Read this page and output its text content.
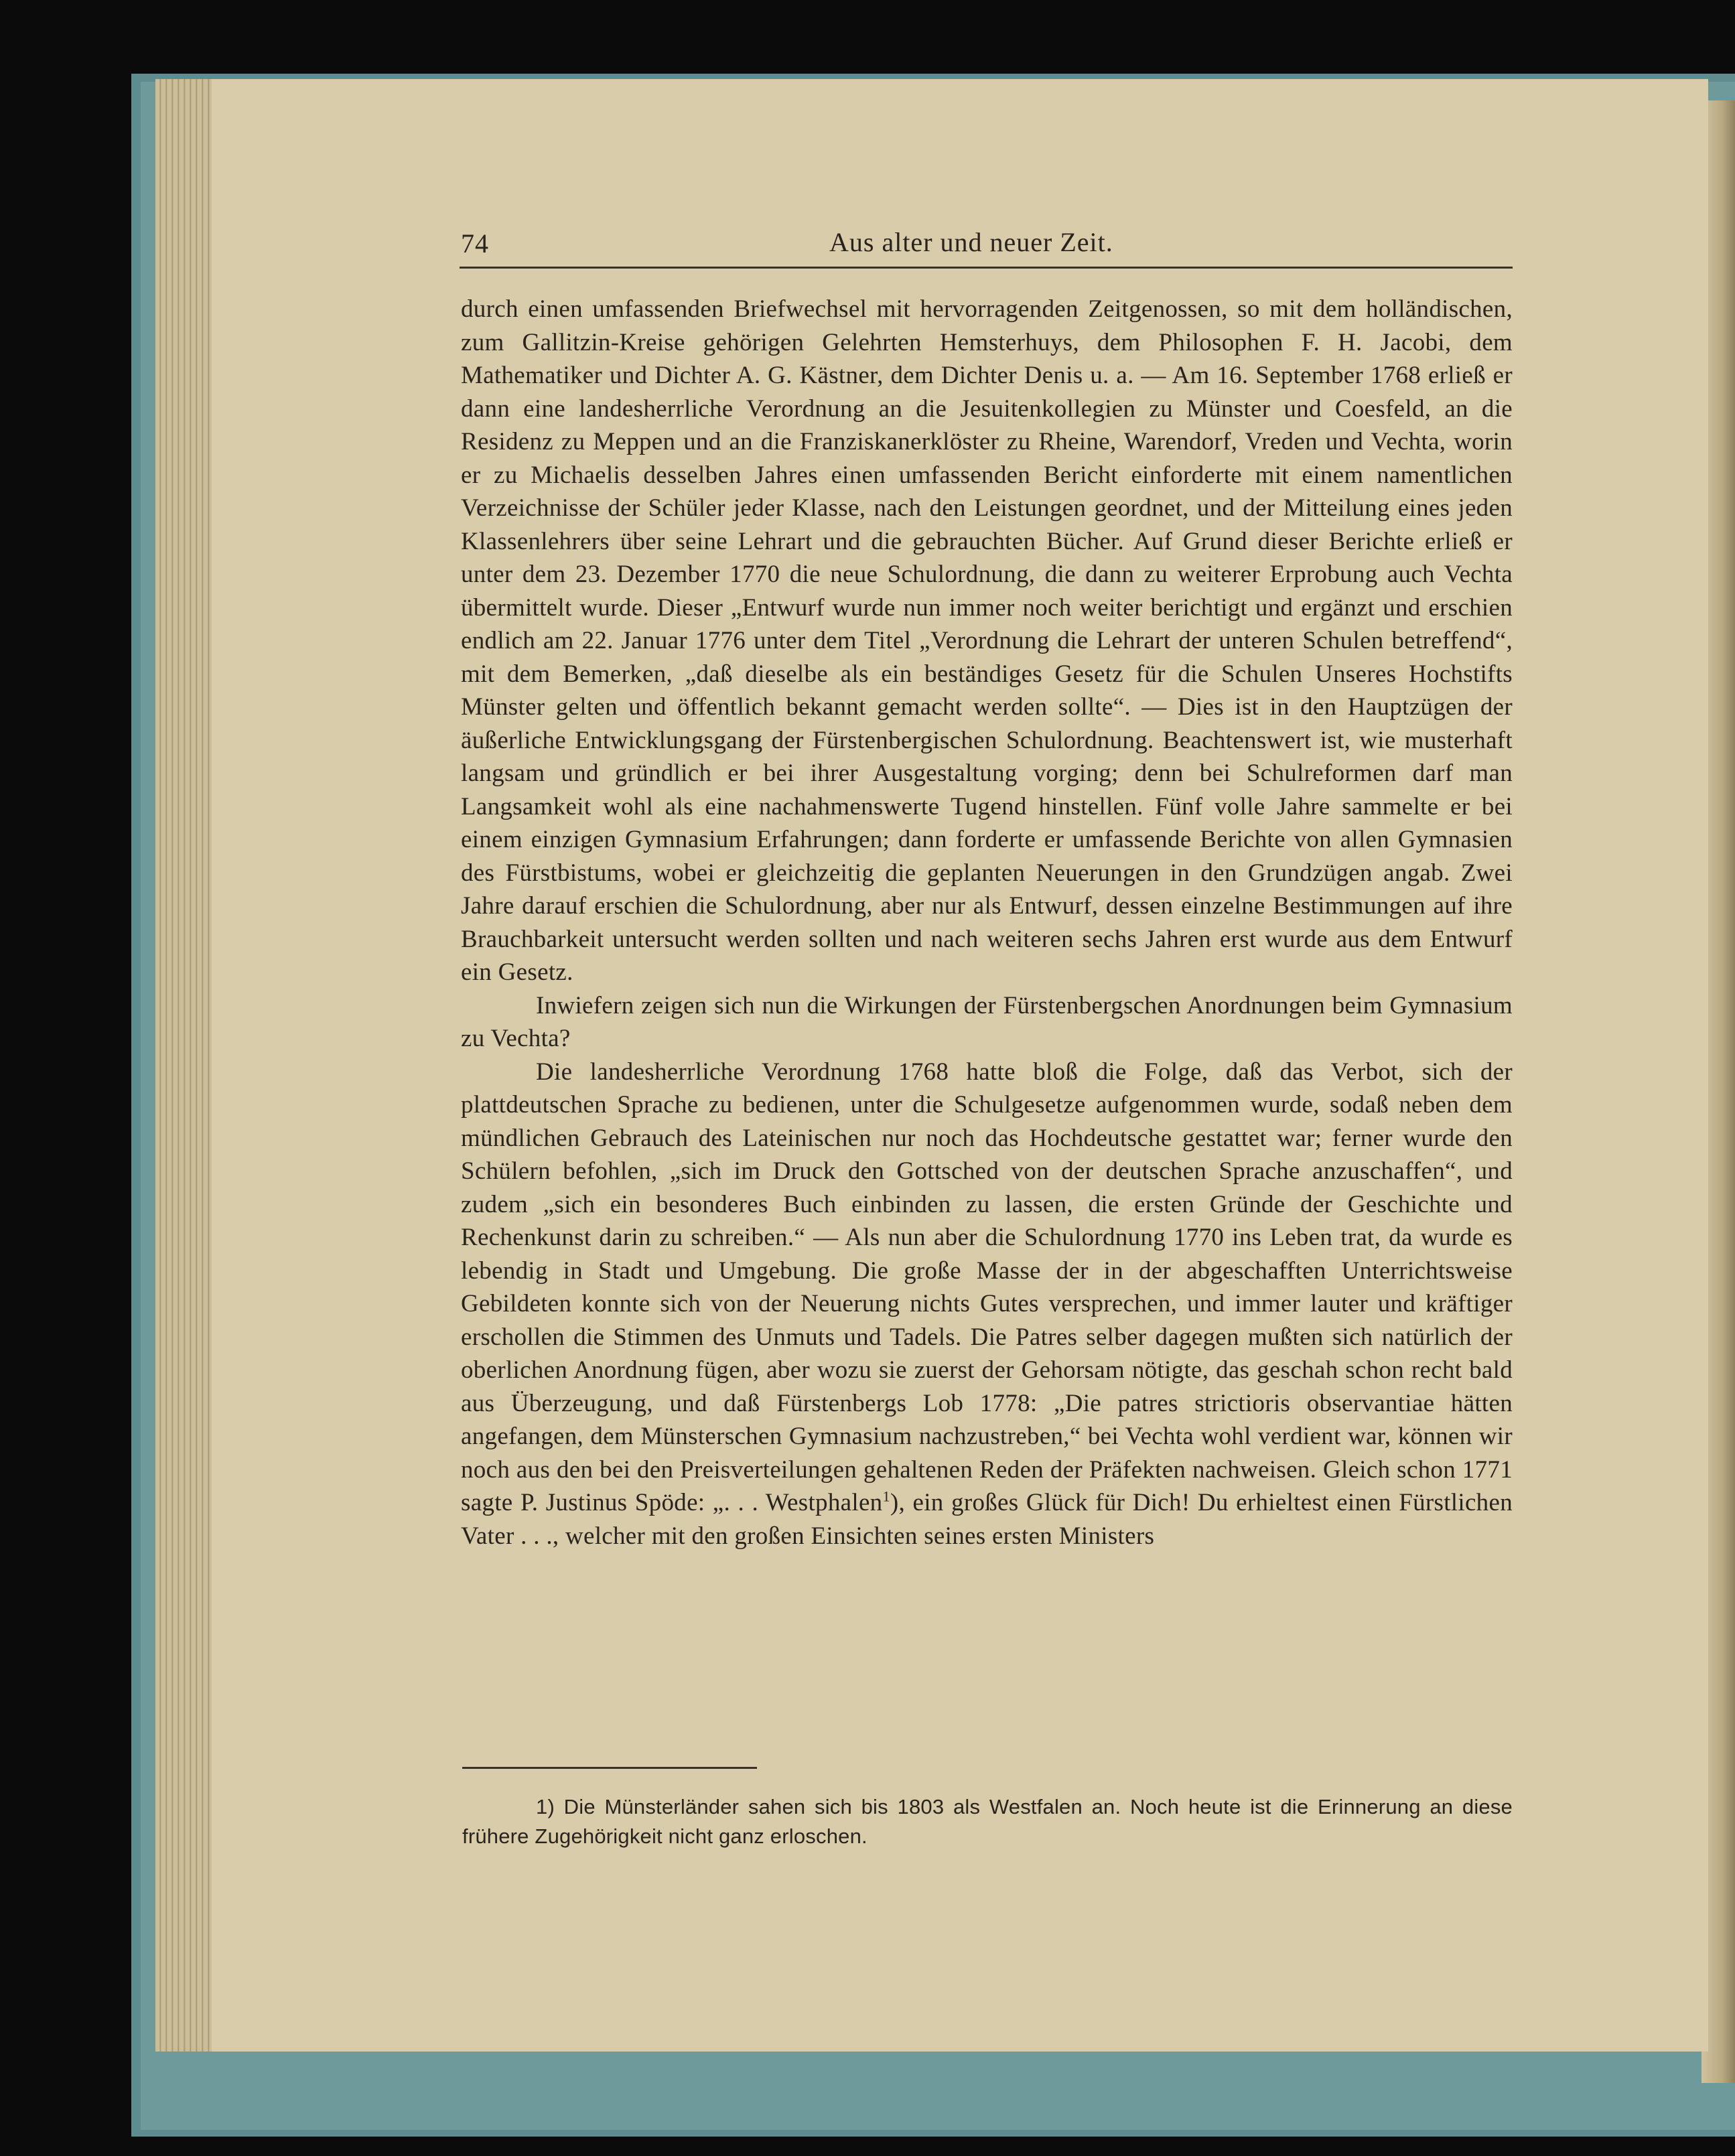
74	Aus alter und neuer Zeit.

durch einen umfassenden Briefwechsel mit hervorragenden Zeitgenossen, so mit dem holländischen, zum Gallitzin-Kreise gehörigen Gelehrten Hemsterhuys, dem Philosophen F. H. Jacobi, dem Mathematiker und Dichter A. G. Kästner, dem Dichter Denis u. a. — Am 16. September 1768 erließ er dann eine landesherrliche Verordnung an die Jesuitenkollegien zu Münster und Coesfeld, an die Residenz zu Meppen und an die Franziskanerklöster zu Rheine, Warendorf, Vreden und Vechta, worin er zu Michaelis desselben Jahres einen umfassenden Bericht einforderte mit einem namentlichen Verzeichnisse der Schüler jeder Klasse, nach den Leistungen geordnet, und der Mitteilung eines jeden Klassenlehrers über seine Lehrart und die gebrauchten Bücher. Auf Grund dieser Berichte erließ er unter dem 23. Dezember 1770 die neue Schulordnung, die dann zu weiterer Erprobung auch Vechta übermittelt wurde. Dieser „Entwurf wurde nun immer noch weiter berichtigt und ergänzt und erschien endlich am 22. Januar 1776 unter dem Titel „Verordnung die Lehrart der unteren Schulen betreffend“, mit dem Bemerken, „daß dieselbe als ein beständiges Gesetz für die Schulen Unseres Hochstifts Münster gelten und öffentlich bekannt gemacht werden sollte“. — Dies ist in den Hauptzügen der äußerliche Entwicklungsgang der Fürstenbergischen Schulordnung. Beachtenswert ist, wie musterhaft langsam und gründlich er bei ihrer Ausgestaltung vorging; denn bei Schulreformen darf man Langsamkeit wohl als eine nachahmenswerte Tugend hinstellen. Fünf volle Jahre sammelte er bei einem einzigen Gymnasium Erfahrungen; dann forderte er umfassende Berichte von allen Gymnasien des Fürstbistums, wobei er gleichzeitig die geplanten Neuerungen in den Grundzügen angab. Zwei Jahre darauf erschien die Schulordnung, aber nur als Entwurf, dessen einzelne Bestimmungen auf ihre Brauchbarkeit untersucht werden sollten und nach weiteren sechs Jahren erst wurde aus dem Entwurf ein Gesetz.

Inwiefern zeigen sich nun die Wirkungen der Fürstenbergschen Anordnungen beim Gymnasium zu Vechta?

Die landesherrliche Verordnung 1768 hatte bloß die Folge, daß das Verbot, sich der plattdeutschen Sprache zu bedienen, unter die Schulgesetze aufgenommen wurde, sodaß neben dem mündlichen Gebrauch des Lateinischen nur noch das Hochdeutsche gestattet war; ferner wurde den Schülern befohlen, „sich im Druck den Gottsched von der deutschen Sprache anzuschaffen“, und zudem „sich ein besonderes Buch einbinden zu lassen, die ersten Gründe der Geschichte und Rechenkunst darin zu schreiben.“ — Als nun aber die Schulordnung 1770 ins Leben trat, da wurde es lebendig in Stadt und Umgebung. Die große Masse der in der abgeschafften Unterrichtsweise Gebildeten konnte sich von der Neuerung nichts Gutes versprechen, und immer lauter und kräftiger erschollen die Stimmen des Unmuts und Tadels. Die Patres selber dagegen mußten sich natürlich der oberlichen Anordnung fügen, aber wozu sie zuerst der Gehorsam nötigte, das geschah schon recht bald aus Überzeugung, und daß Fürstenbergs Lob 1778: „Die patres strictioris observantiae hätten angefangen, dem Münsterschen Gymnasium nachzustreben,“ bei Vechta wohl verdient war, können wir noch aus den bei den Preisverteilungen gehaltenen Reden der Präfekten nachweisen. Gleich schon 1771 sagte P. Justinus Spöde: „. . . Westphalen$^1$), ein großes Glück für Dich! Du erhieltest einen Fürstlichen Vater . . ., welcher mit den großen Einsichten seines ersten Ministers

1) Die Münsterländer sahen sich bis 1803 als Westfalen an. Noch heute ist die Erinnerung an diese frühere Zugehörigkeit nicht ganz erloschen.
